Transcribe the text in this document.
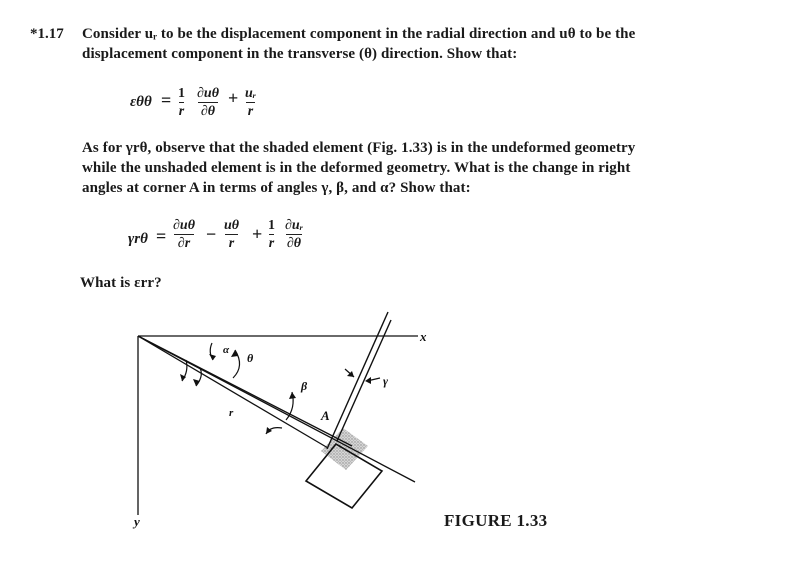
*1.17 Consider uᵣ to be the displacement component in the radial direction and uθ to be the
displacement component in the transverse (θ) direction. Show that:
εθθ = 1
r
∂uθ
∂θ
+ uᵣ
r
As for γrθ, observe that the shaded element (Fig. 1.33) is in the undeformed geometry
while the unshaded element is in the deformed geometry. What is the change in right
angles at corner A in terms of angles γ, β, and α? Show that:
γrθ =
∂uθ
∂r − uθ
r + 1
r
∂uᵣ
∂θ
What is εrr?
x
y
α
θ
β	γ
r	A
FIGURE 1.33
